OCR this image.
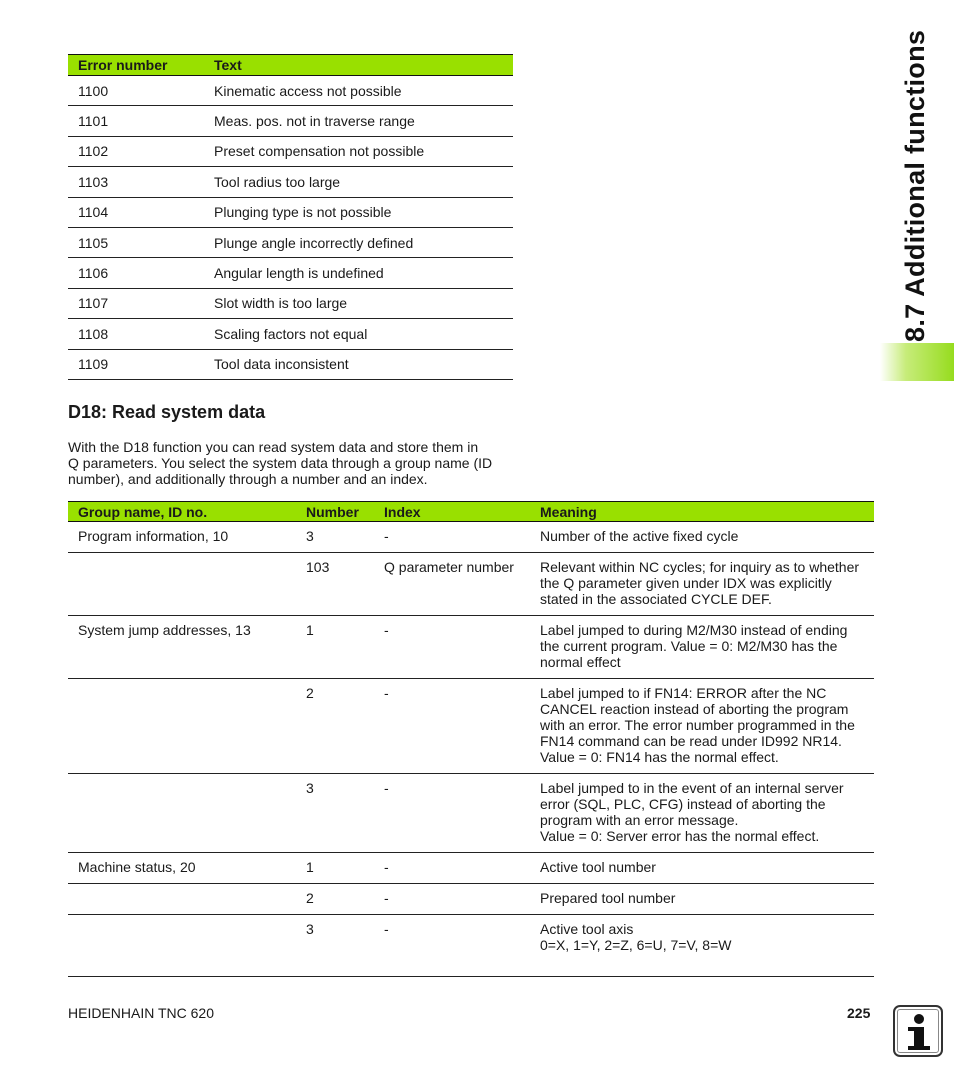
8.7 Additional functions
Error number	Text
1100	Kinematic access not possible
1101	Meas. pos. not in traverse range
1102	Preset compensation not possible
1103	Tool radius too large
1104	Plunging type is not possible
1105	Plunge angle incorrectly defined
1106	Angular length is undefined
1107	Slot width is too large
1108	Scaling factors not equal
1109	Tool data inconsistent
D18: Read system data
With the D18 function you can read system data and store them in
Q parameters. You select the system data through a group name (ID
number), and additionally through a number and an index.
Group name, ID no.	Number	Index	Meaning
Program information, 10	3	-	Number of the active fixed cycle

	103	Q parameter number	Relevant within NC cycles; for inquiry as to whether
the Q parameter given under IDX was explicitly
stated in the associated CYCLE DEF.

System jump addresses, 13	1	-	Label jumped to during M2/M30 instead of ending
the current program. Value = 0: M2/M30 has the
normal effect

	2	-	Label jumped to if FN14: ERROR after the NC
CANCEL reaction instead of aborting the program
with an error. The error number programmed in the
FN14 command can be read under ID992 NR14.
Value = 0: FN14 has the normal effect.

	3	-	Label jumped to in the event of an internal server
error (SQL, PLC, CFG) instead of aborting the
program with an error message.
Value = 0: Server error has the normal effect.

Machine status, 20	1	-	Active tool number

	2	-	Prepared tool number

	3	-	Active tool axis
0=X, 1=Y, 2=Z, 6=U, 7=V, 8=W
HEIDENHAIN TNC 620	225
